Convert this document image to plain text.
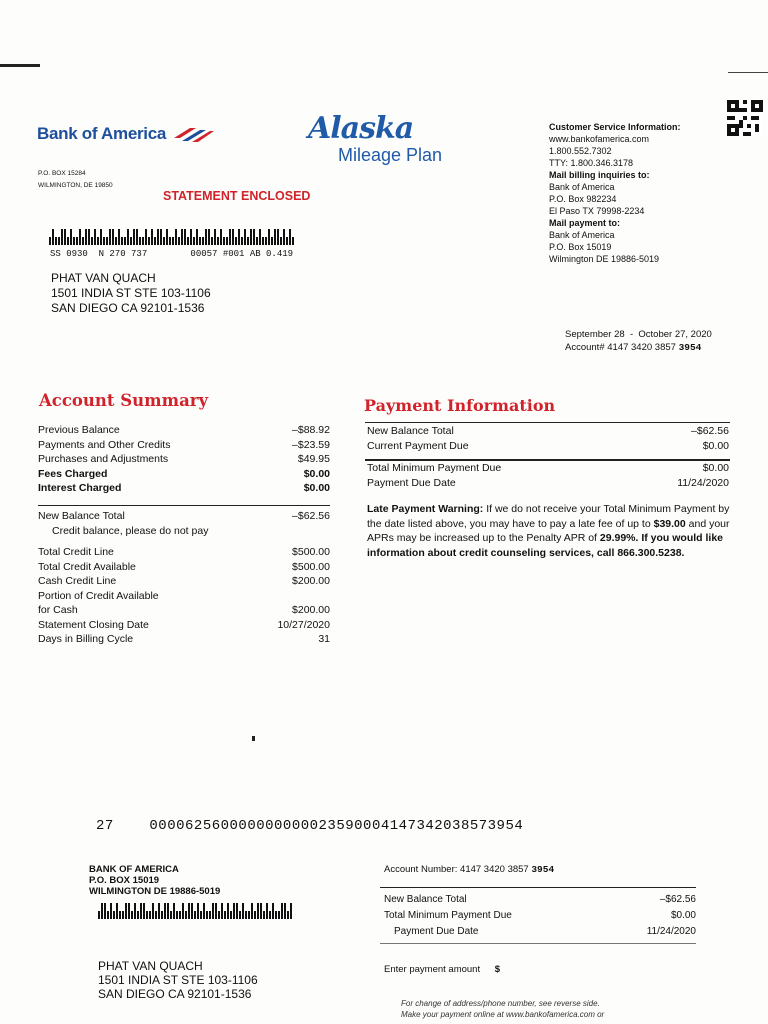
Bank of America
P.O. BOX 15284
WILMINGTON, DE 19850
Alaska
Mileage Plan
STATEMENT ENCLOSED
SS 0930  N 270 737        00057 #001 AB 0.419
PHAT VAN QUACH
1501 INDIA ST STE 103-1106
SAN DIEGO CA 92101-1536
Customer Service Information:
www.bankofamerica.com
1.800.552.7302
TTY: 1.800.346.3178
Mail billing inquiries to:
Bank of America
P.O. Box 982234
El Paso TX 79998-2234
Mail payment to:
Bank of America
P.O. Box 15019
Wilmington DE 19886-5019
September 28  -  October 27, 2020
Account# 4147 3420 3857 3954
Account Summary
Previous Balance	–$88.92
Payments and Other Credits	–$23.59
Purchases and Adjustments	$49.95
Fees Charged	$0.00
Interest Charged	$0.00
New Balance Total	–$62.56
Credit balance, please do not pay
Total Credit Line	$500.00
Total Credit Available	$500.00
Cash Credit Line	$200.00
Portion of Credit Available
for Cash	$200.00
Statement Closing Date	10/27/2020
Days in Billing Cycle	31
Payment Information
New Balance Total	–$62.56
Current Payment Due	$0.00
Total Minimum Payment Due	$0.00
Payment Due Date	11/24/2020
Late Payment Warning: If we do not receive your Total Minimum Payment by the date listed above, you may have to pay a late fee of up to $39.00 and your APRs may be increased up to the Penalty APR of 29.99%. If you would like information about credit counseling services, call 866.300.5238.
27    000062560000000000023590004147342038573954
BANK OF AMERICA
P.O. BOX 15019
WILMINGTON DE 19886-5019
Account Number: 4147 3420 3857 3954
New Balance Total	–$62.56
Total Minimum Payment Due	$0.00
Payment Due Date	11/24/2020
Enter payment amount $
PHAT VAN QUACH
1501 INDIA ST STE 103-1106
SAN DIEGO CA 92101-1536
For change of address/phone number, see reverse side.
Make your payment online at www.bankofamerica.com or
